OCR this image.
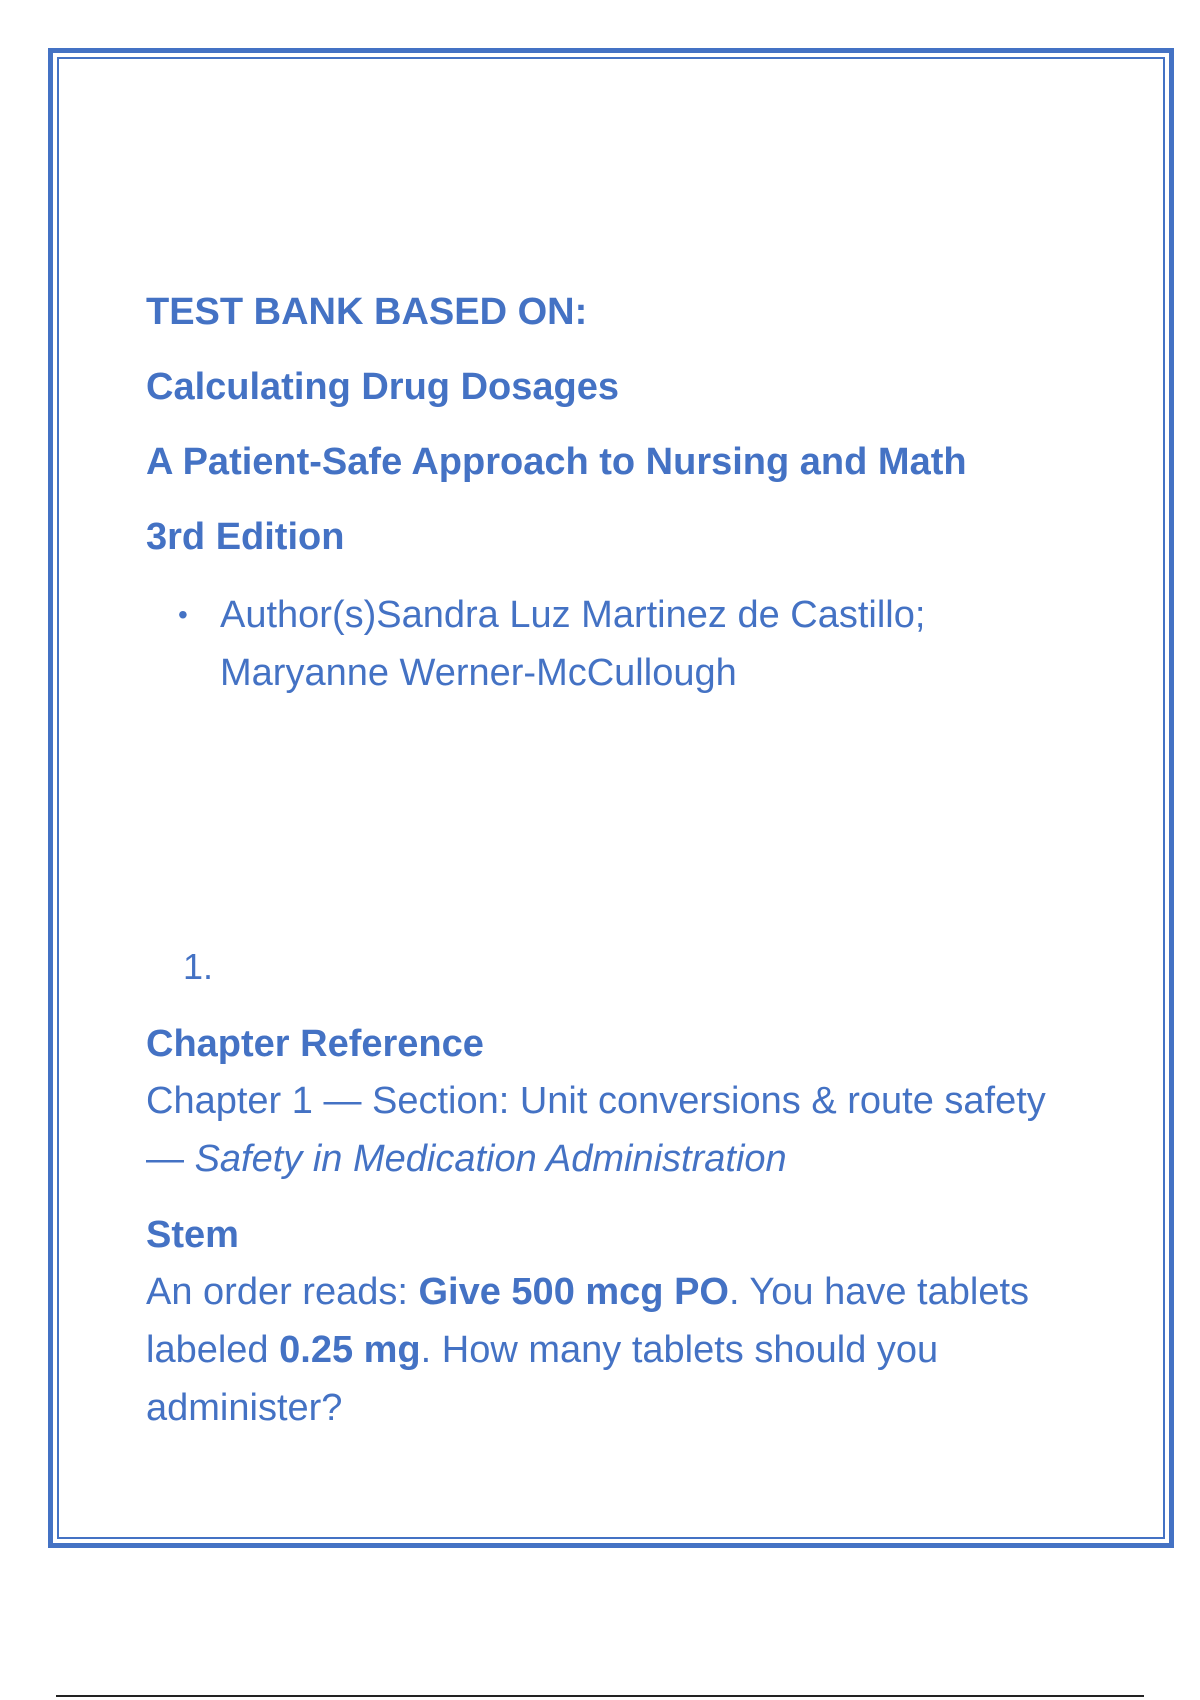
TEST BANK BASED ON:
Calculating Drug Dosages
A Patient-Safe Approach to Nursing and Math
3rd Edition
• Author(s)Sandra Luz Martinez de Castillo; Maryanne Werner-McCullough
1.
Chapter Reference
Chapter 1 — Section: Unit conversions & route safety — Safety in Medication Administration
Stem
An order reads: Give 500 mcg PO. You have tablets labeled 0.25 mg. How many tablets should you administer?
